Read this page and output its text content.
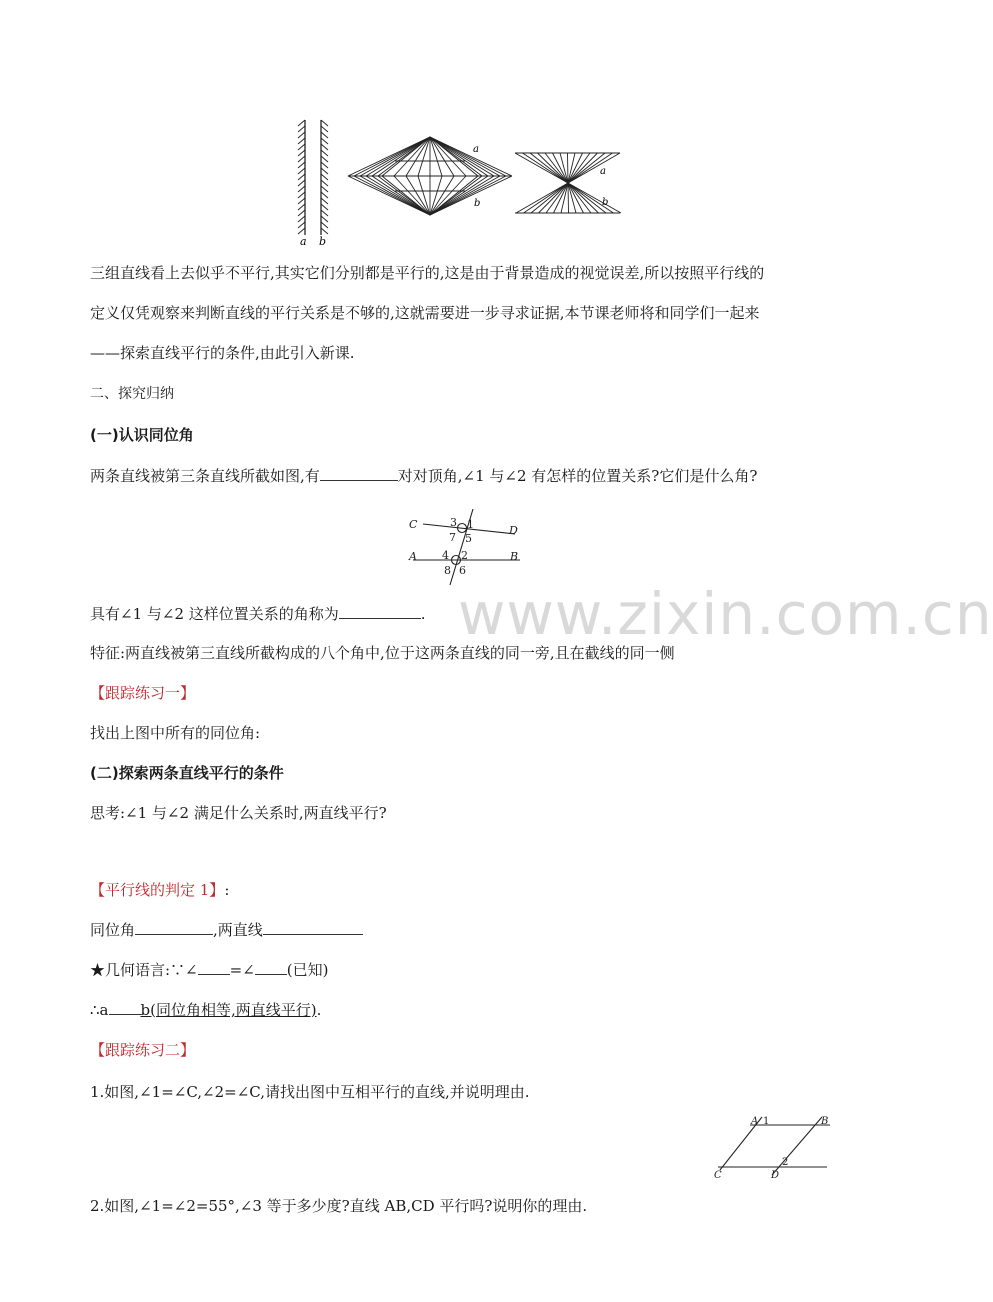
a b
a
b
a
b
三组直线看上去似乎不平行,其实它们分别都是平行的,这是由于背景造成的视觉误差,所以按照平行线的
定义仅凭观察来判断直线的平行关系是不够的,这就需要进一步寻求证据,本节课老师将和同学们一起来
——探索直线平行的条件,由此引入新课.
二、探究归纳
(一)认识同位角
两条直线被第三条直线所截如图,有	对对顶角,∠1 与∠2 有怎样的位置关系?它们是什么角?
C	D
A	B
3 1
7 5
4 2
8 6
www.zixin.com.cn
具有∠1 与∠2 这样位置关系的角称为	.
特征:两直线被第三直线所截构成的八个角中,位于这两条直线的同一旁,且在截线的同一侧
【跟踪练习一】
找出上图中所有的同位角:
(二)探索两条直线平行的条件
思考:∠1 与∠2 满足什么关系时,两直线平行?
【平行线的判定 1】:
同位角	,两直线
★几何语言:∵∠ =∠ (已知)
∴a b(同位角相等,两直线平行).
【跟踪练习二】
1.如图,∠1=∠C,∠2=∠C,请找出图中互相平行的直线,并说明理由.
A 1	B
C	D
2
2.如图,∠1=∠2=55°,∠3 等于多少度?直线 AB,CD 平行吗?说明你的理由.
